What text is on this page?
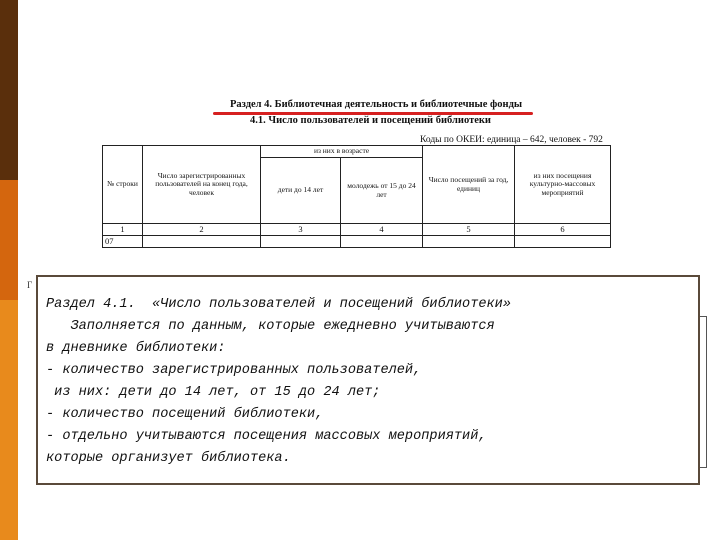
Раздел 4. Библиотечная деятельность и библиотечные фонды
4.1. Число пользователей и посещений библиотеки
Коды по ОКЕИ: единица – 642, человек - 792
№ строки	Число зарегистрированных пользователей на конец года, человек	из них в возрасте		Число посещений за год, единиц	из них посещения культурно-массовых мероприятий
		дети до 14 лет	молодежь от 15 до 24 лет		
1	2	3	4	5	6
07					
Г
Раздел 4.1.  «Число пользователей и посещений библиотеки»
Заполняется по данным, которые ежедневно учитываются
в дневнике библиотеки:
- количество зарегистрированных пользователей,
из них: дети до 14 лет, от 15 до 24 лет;
- количество посещений библиотеки,
- отдельно учитываются посещения массовых мероприятий,
которые организует библиотека.
